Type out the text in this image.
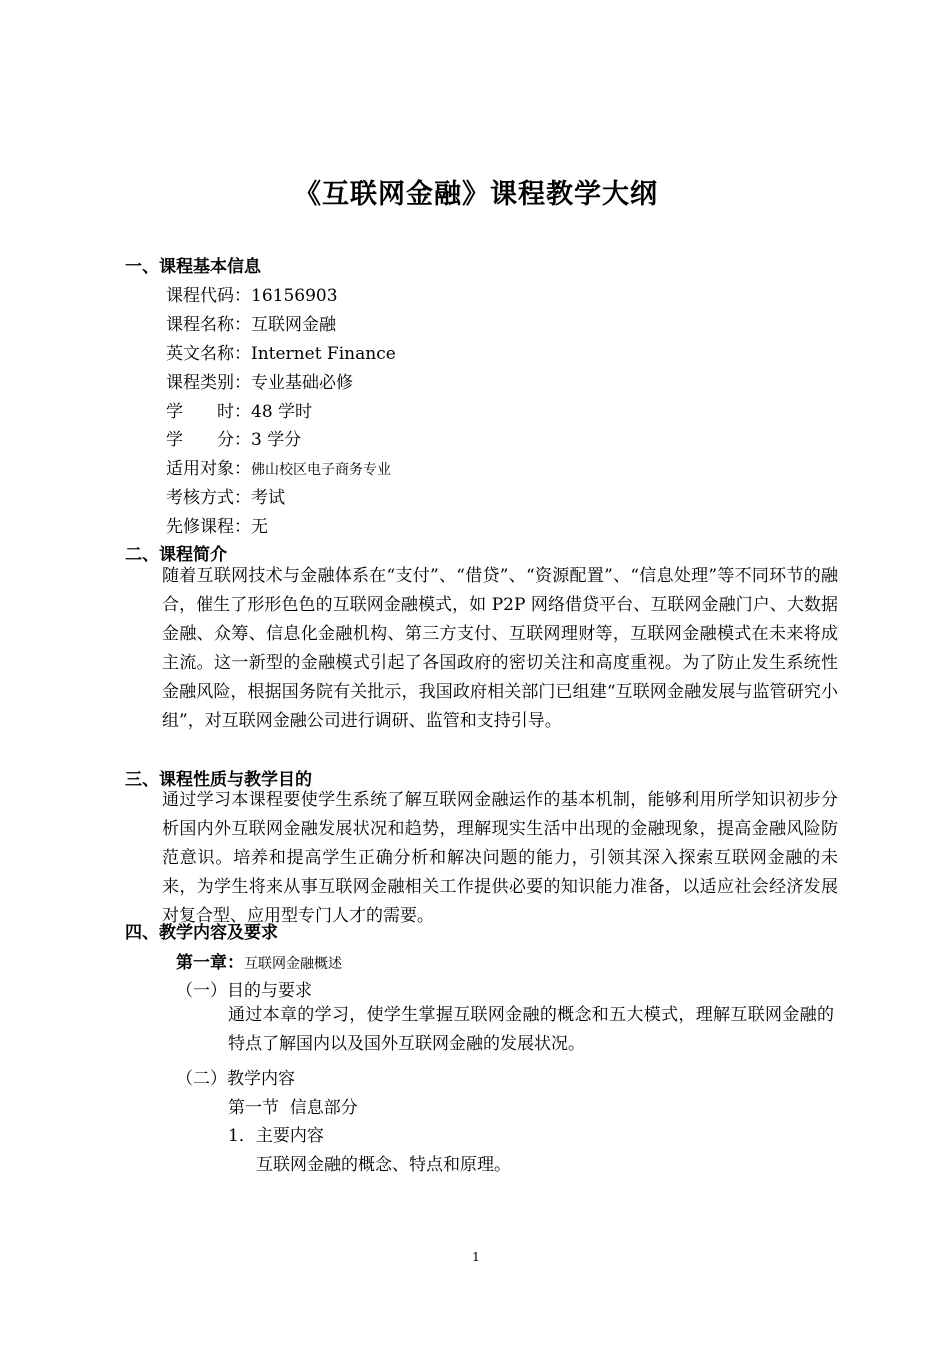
《互联网金融》课程教学大纲
一、课程基本信息
课程代码：16156903
课程名称：互联网金融
英文名称：Internet Finance
课程类别：专业基础必修
学　　时：48 学时
学　　分：3 学分
适用对象：佛山校区电子商务专业
考核方式：考试
先修课程：无
二、课程简介

随着互联网技术与金融体系在“支付”、“借贷”、“资源配置”、“信息处理”等不同环节的融合，催生了形形色色的互联网金融模式，如 P2P 网络借贷平台、互联网金融门户、大数据金融、众筹、信息化金融机构、第三方支付、互联网理财等，互联网金融模式在未来将成主流。这一新型的金融模式引起了各国政府的密切关注和高度重视。为了防止发生系统性金融风险，根据国务院有关批示，我国政府相关部门已组建“互联网金融发展与监管研究小组”，对互联网金融公司进行调研、监管和支持引导。

三、课程性质与教学目的

通过学习本课程要使学生系统了解互联网金融运作的基本机制，能够利用所学知识初步分析国内外互联网金融发展状况和趋势，理解现实生活中出现的金融现象，提高金融风险防范意识。培养和提高学生正确分析和解决问题的能力，引领其深入探索互联网金融的未来，为学生将来从事互联网金融相关工作提供必要的知识能力准备，以适应社会经济发展对复合型、应用型专门人才的需要。

四、教学内容及要求
第一章：互联网金融概述
（一）目的与要求

通过本章的学习，使学生掌握互联网金融的概念和五大模式，理解互联网金融的特点了解国内以及国外互联网金融的发展状况。

（二）教学内容
第一节  信息部分
1．主要内容
互联网金融的概念、特点和原理。
1
